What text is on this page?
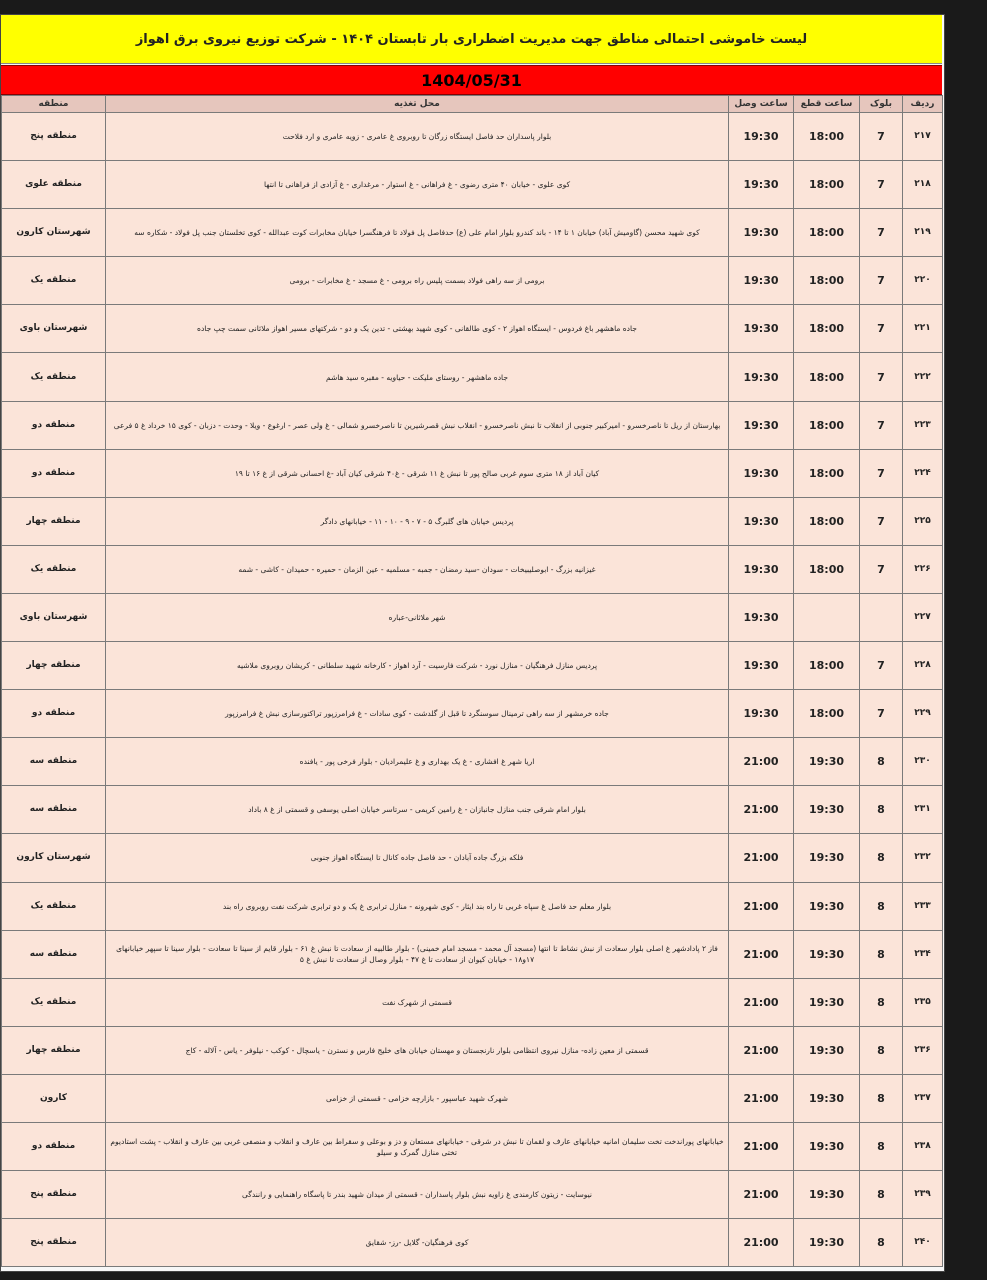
لیست خاموشی احتمالی مناطق جهت مدیریت اضطراری بار تابستان ۱۴۰۴ - شرکت توزیع نیروی برق اهواز
1404/05/31
ردیف	بلوک	ساعت قطع	ساعت وصل	محل تغذیه	منطقه
۲۱۷	7	18:00	19:30	بلوار پاسداران حد فاصل ایستگاه زرگان تا روبروی غ عامری - زویه عامری و ارد فلاحت	منطقه پنج
۲۱۸	7	18:00	19:30	کوی علوی - خیابان ۴۰ متری رضوی - غ فراهانی - غ استوار - مرغداری - غ آزادی از فراهانی تا انتها	منطقه علوی
۲۱۹	7	18:00	19:30	کوی شهید محسن (گاومیش آباد) خیابان ۱ تا ۱۴ - باند کندرو بلوار امام علی (ع) حدفاصل پل فولاد تا فرهنگسرا خیابان مخابرات کوت عبدالله - کوی تخلستان جنب پل فولاد - شکاره سه	شهرستان کارون
۲۲۰	7	18:00	19:30	برومی از سه راهی فولاد بسمت پلیس راه برومی - غ مسجد - غ مخابرات - برومی	منطقه یک
۲۲۱	7	18:00	19:30	جاده ماهشهر باغ فردوس - ایستگاه اهواز ۲ - کوی طالقانی - کوی شهید بهشتی - تدین یک و دو - شرکتهای مسیر اهواز ملاثانی سمت چپ جاده	شهرستان باوی
۲۲۲	7	18:00	19:30	جاده ماهشهر - روستای ملیکت - حیاویه - مقبره سید هاشم	منطقه یک
۲۲۳	7	18:00	19:30	بهارستان از ریل تا ناصرخسرو - امیرکبیر جنوبی از انقلاب تا نبش ناصرخسرو - انقلاب نبش قصرشیرین تا ناصرخسرو شمالی - غ ولی عصر - ارغوع - ویلا - وحدت - دزبان - کوی ۱۵ خرداد غ ۵ فرعی	منطقه دو
۲۲۴	7	18:00	19:30	کیان آباد از ۱۸ متری سوم غربی صالح پور تا نبش غ ۱۱ شرقی - غ۴۰ شرقی کیان آباد -غ احسانی شرقی از غ ۱۶ تا ۱۹	منطقه دو
۲۲۵	7	18:00	19:30	پردیس خیابان های گلبرگ ۵ - ۷ - ۹ - ۱۰ - ۱۱ - خیابانهای دادگر	منطقه چهار
۲۲۶	7	18:00	19:30	غیزانیه بزرگ - ابوصلیبیخات - سودان -سید رمضان - جمبه - مسلمیه - عین الزمان - حمیره - حمیدان - کاشی - شمه	منطقه یک
۲۲۷			19:30	شهر ملاثانی-عباره	شهرستان باوی
۲۲۸	7	18:00	19:30	پردیس منازل فرهنگیان - منازل نورد - شرکت فارسیت - آرد اهواز - کارخانه شهید سلطانی - کریشان روبروی ملاشیه	منطقه چهار
۲۲۹	7	18:00	19:30	جاده خرمشهر از سه راهی ترمینال سوسنگرد تا قبل از گلدشت - کوی سادات - غ فرامرزپور تراکتورسازی نبش غ فرامرزپور	منطقه دو
۲۳۰	8	19:30	21:00	اریا شهر غ افشاری - غ یک بهداری و غ علیمرادیان - بلوار فرخی پور - یافنده	منطقه سه
۲۳۱	8	19:30	21:00	بلوار امام شرقی جنب منازل جانبازان - غ رامین کریمی - سرتاسر خیابان اصلی یوسفی و قسمتی از غ ۸ باداد	منطقه سه
۲۳۲	8	19:30	21:00	فلکه بزرگ جاده آبادان - حد فاصل جاده کانال تا ایستگاه اهواز جنوبی	شهرستان کارون
۲۳۳	8	19:30	21:00	بلوار معلم حد فاصل غ سپاه غربی تا راه بند ایثار - کوی شهرونه - منازل ترابری غ یک و دو ترابری شرکت نفت روبروی راه بند	منطقه یک
۲۳۴	8	19:30	21:00	فاز ۲ پادادشهر غ اصلی بلوار سعادت از نبش نشاط تا انتها (مسجد آل محمد - مسجد امام خمینی) - بلوار طالبیه از سعادت تا نبش غ ۶۱ - بلوار قایم از سینا تا سعادت - بلوار سینا تا سپهر خیابانهای ۱۷و۱۸ - خیابان کیوان از سعادت تا غ ۴۷ - بلوار وصال از سعادت تا نبش غ ۵	منطقه سه
۲۳۵	8	19:30	21:00	قسمتی از شهرک نفت	منطقه یک
۲۳۶	8	19:30	21:00	قسمتی از معین زاده- منازل نیروی انتظامی بلوار نارنجستان و مهستان خیابان های خلیج فارس و نسترن - یاسچال - کوکب - نیلوفر - یاس - آلاله - کاج	منطقه چهار
۲۳۷	8	19:30	21:00	شهرک شهید عباسپور - بازارچه خزامی - قسمتی از خزامی	کارون
۲۳۸	8	19:30	21:00	خیابانهای پوراندخت تخت سلیمان امانیه خیابانهای عارف و لقمان تا نبش در شرقی - خیابانهای مستعان و دز و بوعلی و سقراط بین عارف و انقلاب و منصفی غربی بین عارف و انقلاب - پشت استادیوم تختی منازل گمرک و سیلو	منطقه دو
۲۳۹	8	19:30	21:00	نیوسایت - زیتون کارمندی غ زاویه نبش بلوار پاسداران - قسمتی از میدان شهید بندر تا پاسگاه راهنمایی و رانندگی	منطقه پنج
۲۴۰	8	19:30	21:00	کوی فرهنگیان- گلایل -رز- شقایق	منطقه پنج
